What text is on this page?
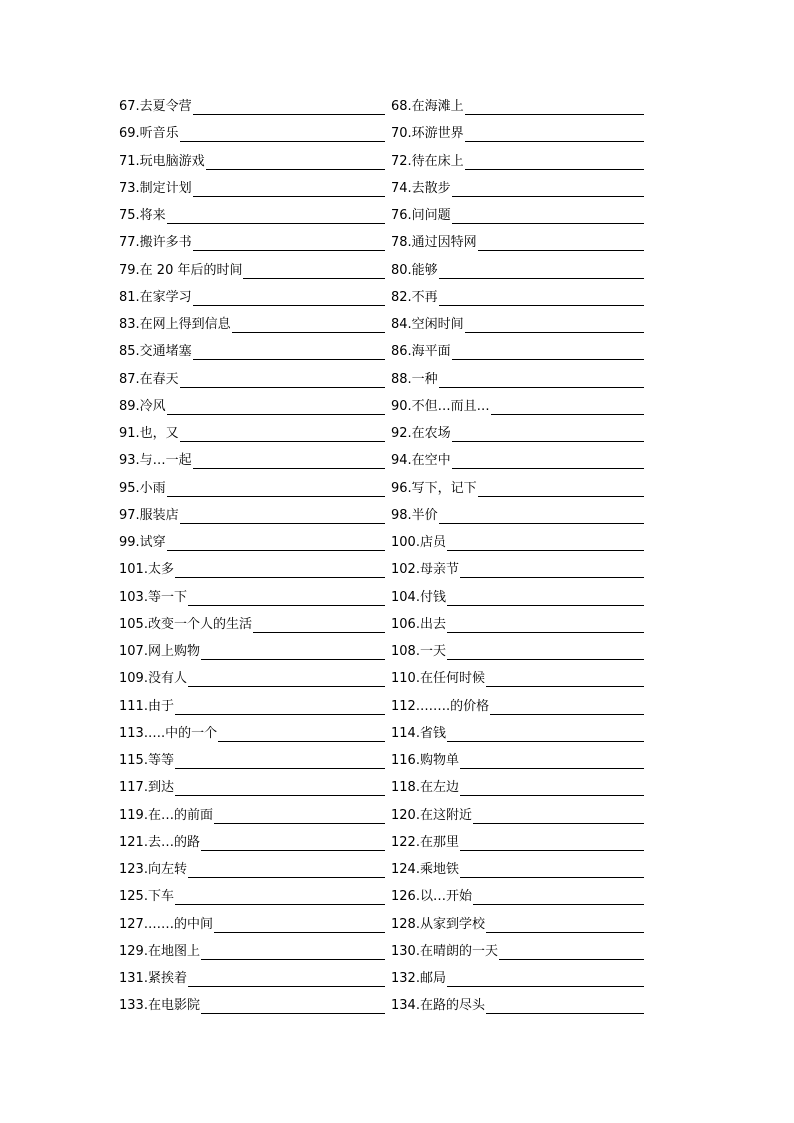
67.去夏令营	68.在海滩上
69.听音乐	70.环游世界
71.玩电脑游戏	72.待在床上
73.制定计划	74.去散步
75.将来	76.问问题
77.搬许多书	78.通过因特网
79.在 20 年后的时间	80.能够
81.在家学习	82.不再
83.在网上得到信息	84.空闲时间
85.交通堵塞	86.海平面
87.在春天	88.一种
89.冷风	90.不但…而且…
91.也，又	92.在农场
93.与…一起	94.在空中
95.小雨	96.写下，记下
97.服装店	98.半价
99.试穿	100.店员
101.太多	102.母亲节
103.等一下	104.付钱
105.改变一个人的生活	106.出去
107.网上购物	108.一天
109.没有人	110.在任何时候
111.由于	112.…….的价格
113.….中的一个	114.省钱
115.等等	116.购物单
117.到达	118.在左边
119.在…的前面	120.在这附近
121.去…的路	122.在那里
123.向左转	124.乘地铁
125.下车	126.以…开始
127.……的中间	128.从家到学校
129.在地图上	130.在晴朗的一天
131.紧挨着	132.邮局
133.在电影院	134.在路的尽头
